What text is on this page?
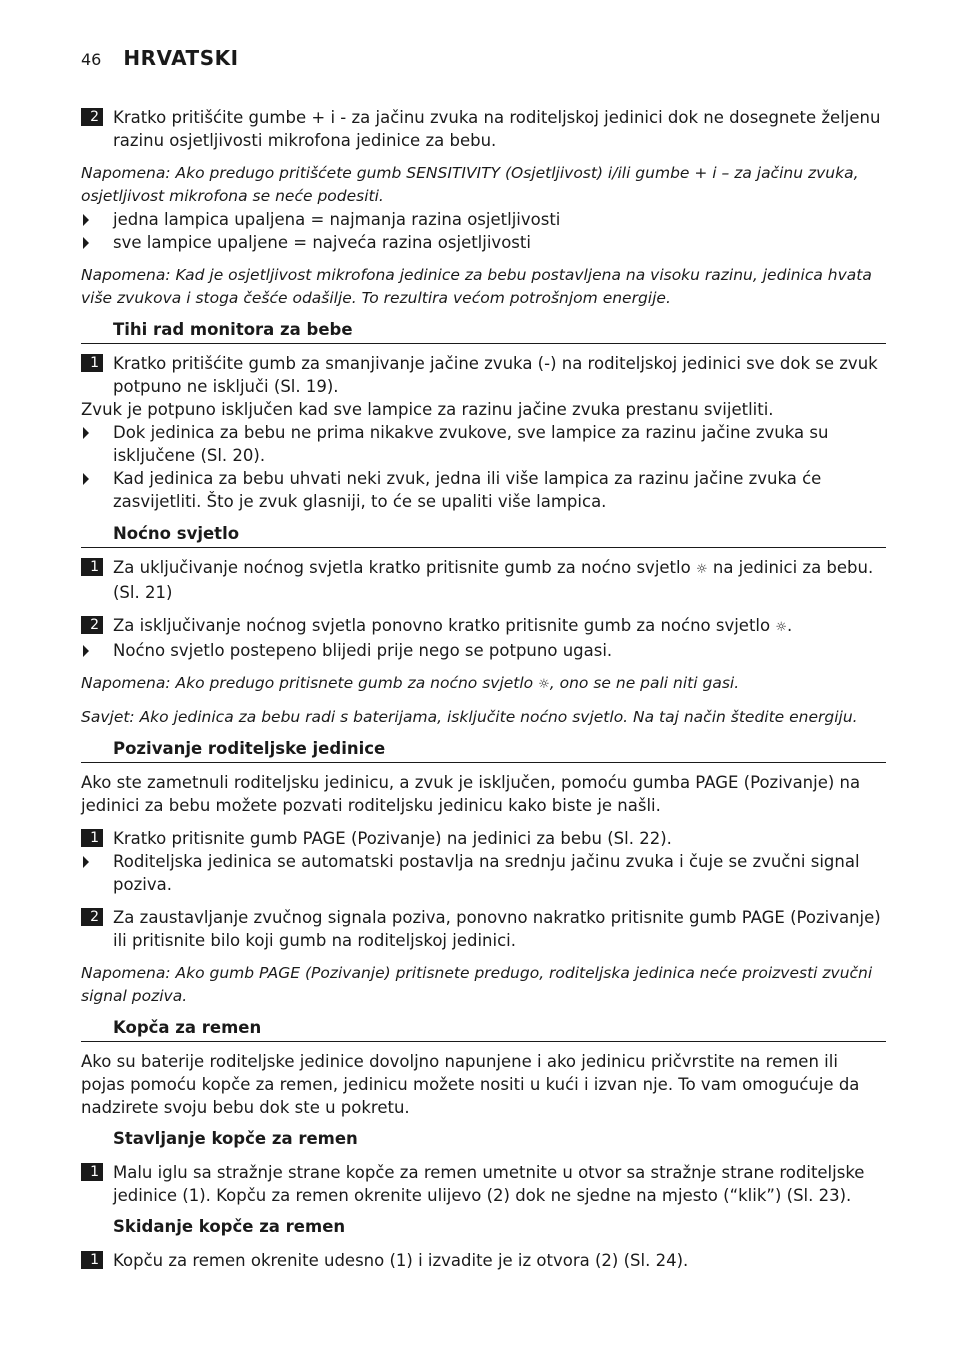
46 HRVATSKI
2 Kratko pritišćite gumbe + i - za jačinu zvuka na roditeljskoj jedinici dok ne dosegnete željenu razinu osjetljivosti mikrofona jedinice za bebu.
Napomena: Ako predugo pritišćete gumb SENSITIVITY (Osjetljivost) i/ili gumbe + i – za jačinu zvuka, osjetljivost mikrofona se neće podesiti.
jedna lampica upaljena = najmanja razina osjetljivosti
sve lampice upaljene = najveća razina osjetljivosti
Napomena: Kad je osjetljivost mikrofona jedinice za bebu postavljena na visoku razinu, jedinica hvata više zvukova i stoga češće odašilje. To rezultira većom potrošnjom energije.
Tihi rad monitora za bebe
1 Kratko pritišćite gumb za smanjivanje jačine zvuka (-) na roditeljskoj jedinici sve dok se zvuk potpuno ne isključi (Sl. 19).
Zvuk je potpuno isključen kad sve lampice za razinu jačine zvuka prestanu svijetliti.
Dok jedinica za bebu ne prima nikakve zvukove, sve lampice za razinu jačine zvuka su isključene (Sl. 20).
Kad jedinica za bebu uhvati neki zvuk, jedna ili više lampica za razinu jačine zvuka će zasvijetliti. Što je zvuk glasniji, to će se upaliti više lampica.
Noćno svjetlo
1 Za uključivanje noćnog svjetla kratko pritisnite gumb za noćno svjetlo ☼ na jedinici za bebu. (Sl. 21)
2 Za isključivanje noćnog svjetla ponovno kratko pritisnite gumb za noćno svjetlo ☼.
Noćno svjetlo postepeno blijedi prije nego se potpuno ugasi.
Napomena: Ako predugo pritisnete gumb za noćno svjetlo ☼, ono se ne pali niti gasi.
Savjet: Ako jedinica za bebu radi s baterijama, isključite noćno svjetlo. Na taj način štedite energiju.
Pozivanje roditeljske jedinice
Ako ste zametnuli roditeljsku jedinicu, a zvuk je isključen, pomoću gumba PAGE (Pozivanje) na jedinici za bebu možete pozvati roditeljsku jedinicu kako biste je našli.
1 Kratko pritisnite gumb PAGE (Pozivanje) na jedinici za bebu (Sl. 22).
Roditeljska jedinica se automatski postavlja na srednju jačinu zvuka i čuje se zvučni signal poziva.
2 Za zaustavljanje zvučnog signala poziva, ponovno nakratko pritisnite gumb PAGE (Pozivanje) ili pritisnite bilo koji gumb na roditeljskoj jedinici.
Napomena: Ako gumb PAGE (Pozivanje) pritisnete predugo, roditeljska jedinica neće proizvesti zvučni signal poziva.
Kopča za remen
Ako su baterije roditeljske jedinice dovoljno napunjene i ako jedinicu pričvrstite na remen ili pojas pomoću kopče za remen, jedinicu možete nositi u kući i izvan nje. To vam omogućuje da nadzirete svoju bebu dok ste u pokretu.
Stavljanje kopče za remen
1 Malu iglu sa stražnje strane kopče za remen umetnite u otvor sa stražnje strane roditeljske jedinice (1). Kopču za remen okrenite ulijevo (2) dok ne sjedne na mjesto (“klik”) (Sl. 23).
Skidanje kopče za remen
1 Kopču za remen okrenite udesno (1) i izvadite je iz otvora (2) (Sl. 24).
